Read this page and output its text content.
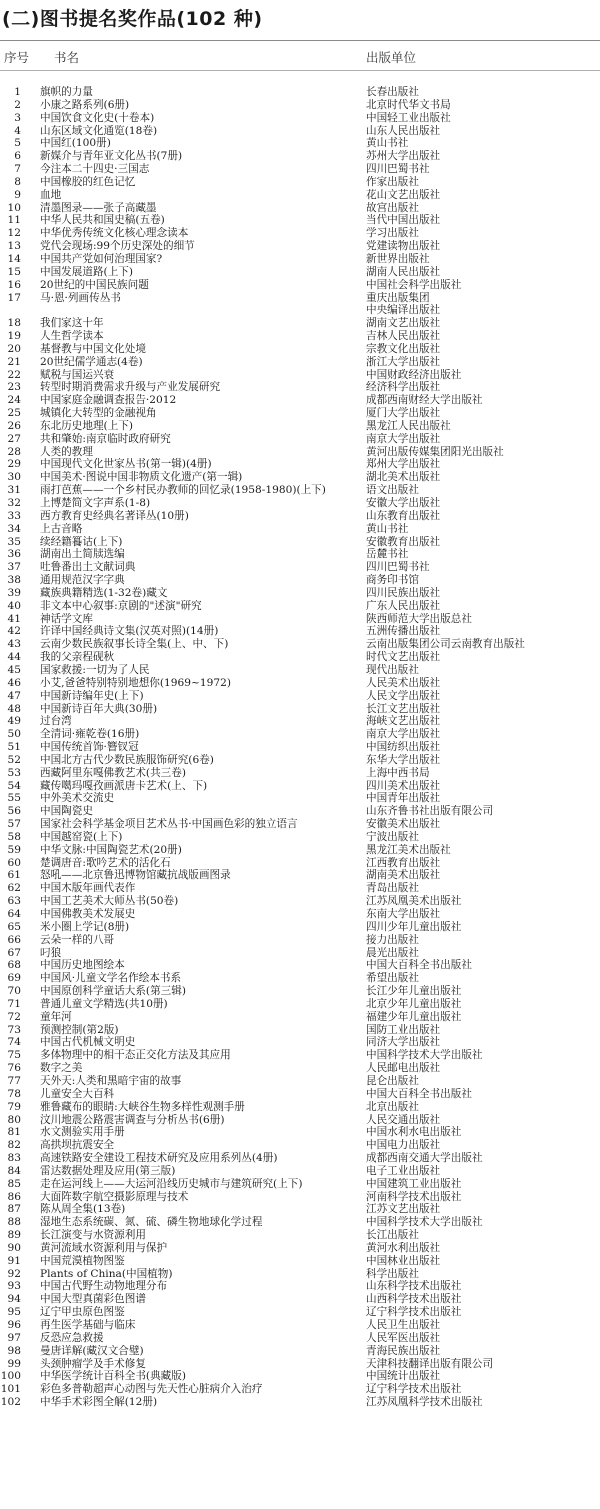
(二)图书提名奖作品(102 种)
序号 书名	出版单位
1 旗帜的力量	长春出版社
2 小康之路系列(6册)	北京时代华文书局
3 中国饮食文化史(十卷本)	中国轻工业出版社
4 山东区域文化通览(18卷)	山东人民出版社
5 中国红(100册)	黄山书社
6 新媒介与青年亚文化丛书(7册)	苏州大学出版社
7 今注本二十四史·三国志	四川巴蜀书社
8 中国橡胶的红色记忆	作家出版社
9 血地	花山文艺出版社
10 清墨图录——张子高藏墨	故宫出版社
11 中华人民共和国史稿(五卷)	当代中国出版社
12 中华优秀传统文化核心理念读本	学习出版社
13 党代会现场:99个历史深处的细节	党建读物出版社
14 中国共产党如何治理国家?	新世界出版社
15 中国发展道路(上下)	湖南人民出版社
16 20世纪的中国民族问题	中国社会科学出版社
17 马·恩·列画传丛书	重庆出版集团
中央编译出版社
18 我们家这十年	湖南文艺出版社
19 人生哲学读本	吉林人民出版社
20 基督教与中国文化处境	宗教文化出版社
21 20世纪儒学通志(4卷)	浙江大学出版社
22 赋税与国运兴衰	中国财政经济出版社
23 转型时期消费需求升级与产业发展研究	经济科学出版社
24 中国家庭金融调查报告·2012	成都西南财经大学出版社
25 城镇化大转型的金融视角	厦门大学出版社
26 东北历史地理(上下)	黑龙江人民出版社
27 共和肇始:南京临时政府研究	南京大学出版社
28 人类的教理	黄河出版传媒集团阳光出版社
29 中国现代文化世家丛书(第一辑)(4册)	郑州大学出版社
30 中国美术·图说中国非物质文化遗产(第一辑)	湖北美术出版社
31 雨打芭蕉——一个乡村民办教师的回忆录(1958-1980)(上下)	语文出版社
32 上博楚简文字声系(1-8)	安徽大学出版社
33 西方教育史经典名著译丛(10册)	山东教育出版社
34 上古音略	黄山书社
35 续经籍籑诂(上下)	安徽教育出版社
36 湖南出土简牍选编	岳麓书社
37 吐鲁番出土文献词典	四川巴蜀书社
38 通用规范汉字字典	商务印书馆
39 藏族典籍精选(1-32卷)藏文	四川民族出版社
40 非文本中心叙事:京剧的"述演"研究	广东人民出版社
41 神话学文库	陕西师范大学出版总社
42 许译中国经典诗文集(汉英对照)(14册)	五洲传播出版社
43 云南少数民族叙事长诗全集(上、中、下)	云南出版集团公司云南教育出版社
44 我的父亲程砚秋	时代文艺出版社
45 国家救援:一切为了人民	现代出版社
46 小艾,爸爸特别特别地想你(1969~1972)	人民美术出版社
47 中国新诗编年史(上下)	人民文学出版社
48 中国新诗百年大典(30册)	长江文艺出版社
49 过台湾	海峡文艺出版社
50 全清词·雍乾卷(16册)	南京大学出版社
51 中国传统首饰·簪钗冠	中国纺织出版社
52 中国北方古代少数民族服饰研究(6卷)	东华大学出版社
53 西藏阿里东嘎佛教艺术(共三卷)	上海中西书局
54 藏传噶玛嘎孜画派唐卡艺术(上、下)	四川美术出版社
55 中外美术交流史	中国青年出版社
56 中国陶瓷史	山东齐鲁书社出版有限公司
57 国家社会科学基金项目艺术丛书·中国画色彩的独立语言	安徽美术出版社
58 中国越窑瓷(上下)	宁波出版社
59 中华文脉:中国陶瓷艺术(20册)	黑龙江美术出版社
60 楚调唐音:歌吟艺术的活化石	江西教育出版社
61 怒吼——北京鲁迅博物馆藏抗战版画图录	湖南美术出版社
62 中国木版年画代表作	青岛出版社
63 中国工艺美术大师丛书(50卷)	江苏凤凰美术出版社
64 中国佛教美术发展史	东南大学出版社
65 米小圈上学记(8册)	四川少年儿童出版社
66 云朵一样的八哥	接力出版社
67 叼狼	晨光出版社
68 中国历史地图绘本	中国大百科全书出版社
69 中国风·儿童文学名作绘本书系	希望出版社
70 中国原创科学童话大系(第三辑)	长江少年儿童出版社
71 普通儿童文学精选(共10册)	北京少年儿童出版社
72 童年河	福建少年儿童出版社
73 预测控制(第2版)	国防工业出版社
74 中国古代机械文明史	同济大学出版社
75 多体物理中的相干态正交化方法及其应用	中国科学技术大学出版社
76 数字之美	人民邮电出版社
77 天外天:人类和黑暗宇宙的故事	昆仑出版社
78 儿童安全大百科	中国大百科全书出版社
79 雅鲁藏布的眼睛:大峡谷生物多样性观测手册	北京出版社
80 汶川地震公路震害调查与分析丛书(6册)	人民交通出版社
81 水文测验实用手册	中国水利水电出版社
82 高拱坝抗震安全	中国电力出版社
83 高速铁路安全建设工程技术研究及应用系列丛(4册)	成都西南交通大学出版社
84 雷达数据处理及应用(第三版)	电子工业出版社
85 走在运河线上——大运河沿线历史城市与建筑研究(上下)	中国建筑工业出版社
86 大面阵数字航空摄影原理与技术	河南科学技术出版社
87 陈从周全集(13卷)	江苏文艺出版社
88 湿地生态系统碳、氮、硫、磷生物地球化学过程	中国科学技术大学出版社
89 长江演变与水资源利用	长江出版社
90 黄河流域水资源利用与保护	黄河水利出版社
91 中国荒漠植物图鉴	中国林业出版社
92 Plants of China(中国植物)	科学出版社
93 中国古代野生动物地理分布	山东科学技术出版社
94 中国大型真菌彩色图谱	山西科学技术出版社
95 辽宁甲虫原色图鉴	辽宁科学技术出版社
96 再生医学基础与临床	人民卫生出版社
97 反恐应急救援	人民军医出版社
98 曼唐详解(藏汉文合璧)	青海民族出版社
99 头颈肿瘤学及手术修复	天津科技翻译出版有限公司
100 中华医学统计百科全书(典藏版)	中国统计出版社
101 彩色多普勒超声心动图与先天性心脏病介入治疗	辽宁科学技术出版社
102 中华手术彩图全解(12册)	江苏凤凰科学技术出版社
